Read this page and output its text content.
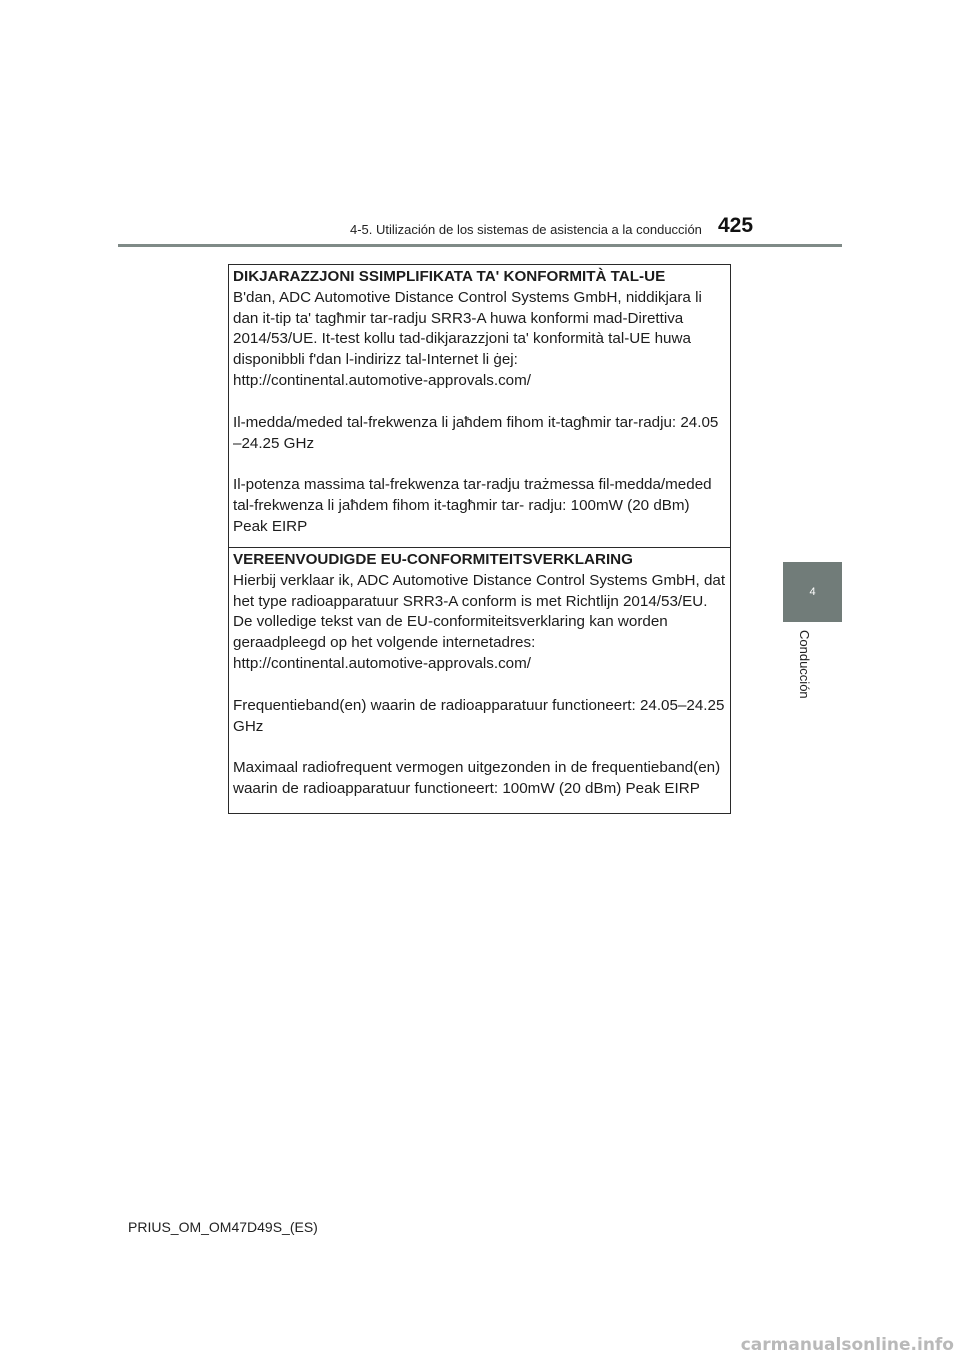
4-5. Utilización de los sistemas de asistencia a la conducción 425
4
Conducción
DIKJARAZZJONI SSIMPLIFIKATA TA' KONFORMITÀ TAL-UE

B'dan, ADC Automotive Distance Control Systems GmbH, niddikjara li dan it-tip ta' tagħmir tar-radju SRR3-A huwa konformi mad-Direttiva 2014/53/UE. It-test kollu tad-dikjarazzjoni ta' konformità tal-UE huwa disponibbli f'dan l-indirizz tal-Internet li ġej:

http://continental.automotive-approvals.com/

Il-medda/meded tal-frekwenza li jaħdem fihom it-tagħmir tar-radju: 24.05 –24.25 GHz

Il-potenza massima tal-frekwenza tar-radju trażmessa fil-medda/meded tal-frekwenza li jaħdem fihom it-tagħmir tar- radju: 100mW (20 dBm) Peak EIRP

VEREENVOUDIGDE EU-CONFORMITEITSVERKLARING

Hierbij verklaar ik, ADC Automotive Distance Control Systems GmbH, dat het type radioapparatuur SRR3-A conform is met Richtlijn 2014/53/EU. De volledige tekst van de EU-conformiteitsverklaring kan worden geraadpleegd op het volgende internetadres:

http://continental.automotive-approvals.com/

Frequentieband(en) waarin de radioapparatuur functioneert: 24.05–24.25 GHz

Maximaal radiofrequent vermogen uitgezonden in de frequentieband(en) waarin de radioapparatuur functioneert: 100mW (20 dBm) Peak EIRP

PRIUS_OM_OM47D49S_(ES)
carmanualsonline.info
